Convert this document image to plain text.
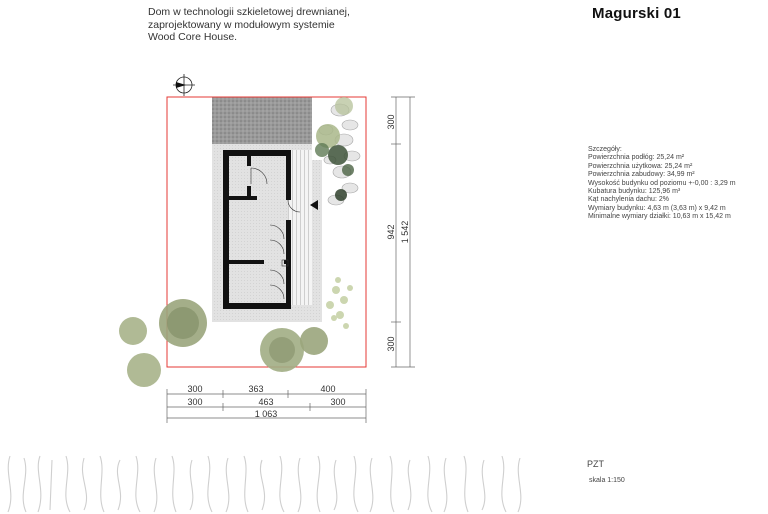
Dom w technologii szkieletowej drewnianej,
zaprojektowany w modułowym systemie
Wood Core House.
Magurski 01
Szczegóły:
Powierzchnia podłóg: 25,24 m²
Powierzchnia użytkowa: 25,24 m²
Powierzchnia zabudowy: 34,99 m²
Wysokość budynku od poziomu +-0,00 : 3,29 m
Kubatura budynku: 125,96 m³
Kąt nachylenia dachu: 2%
Wymiary budynku: 4,63 m (3,63 m) x 9,42 m
Minimalne wymiary działki: 10,63 m x 15,42 m
300
942
300
1 542
300	363	400
300	463	300
1 063
PZT
skala 1:150
